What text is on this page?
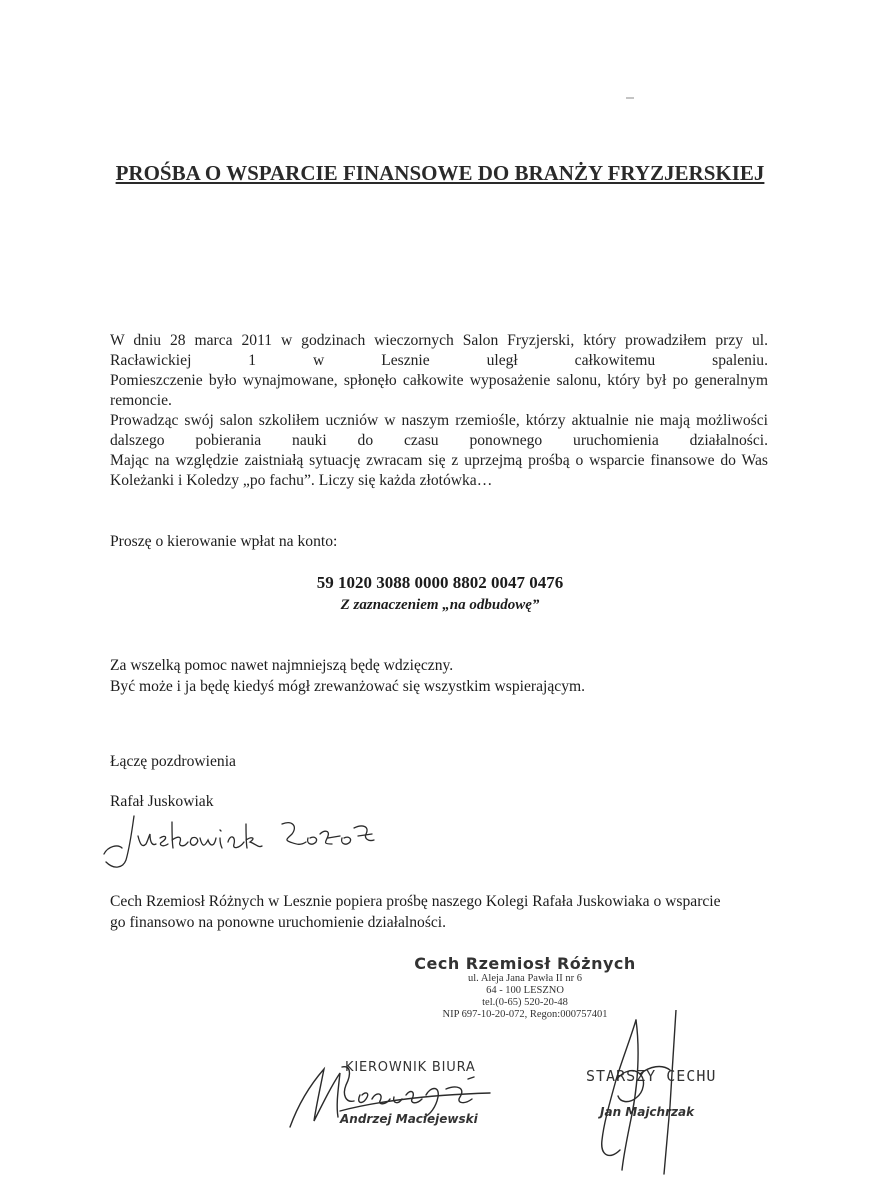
PROŚBA O WSPARCIE FINANSOWE DO BRANŻY FRYZJERSKIEJ

W dniu 28 marca 2011 w godzinach wieczornych Salon Fryzjerski, który prowadziłem przy ul. Racławickiej 1 w Lesznie uległ całkowitemu spaleniu.

Pomieszczenie było wynajmowane, spłonęło całkowite wyposażenie salonu, który był po generalnym remoncie.

Prowadząc swój salon szkoliłem uczniów w naszym rzemiośle, którzy aktualnie nie mają możliwości dalszego pobierania nauki do czasu ponownego uruchomienia działalności.

Mając na względzie zaistniałą sytuację zwracam się z uprzejmą prośbą o wsparcie finansowe do Was Koleżanki i Koledzy „po fachu”. Liczy się każda złotówka…

Proszę o kierowanie wpłat na konto:
59 1020 3088 0000 8802 0047 0476
Z zaznaczeniem „na odbudowę”
Za wszelką pomoc nawet najmniejszą będę wdzięczny.
Być może i ja będę kiedyś mógł zrewanżować się wszystkim wspierającym.
Łączę pozdrowienia
Rafał Juskowiak
Cech Rzemiosł Różnych w Lesznie popiera prośbę naszego Kolegi Rafała Juskowiaka o wsparcie go finansowo na ponowne uruchomienie działalności.
Cech Rzemiosł Różnych
ul. Aleja Jana Pawła II nr 6
64 - 100 LESZNO
tel.(0-65) 520-20-48
NIP 697-10-20-072, Regon:000757401
KIEROWNIK BIURA
Andrzej Maciejewski
STARSZY CECHU
Jan Majchrzak
